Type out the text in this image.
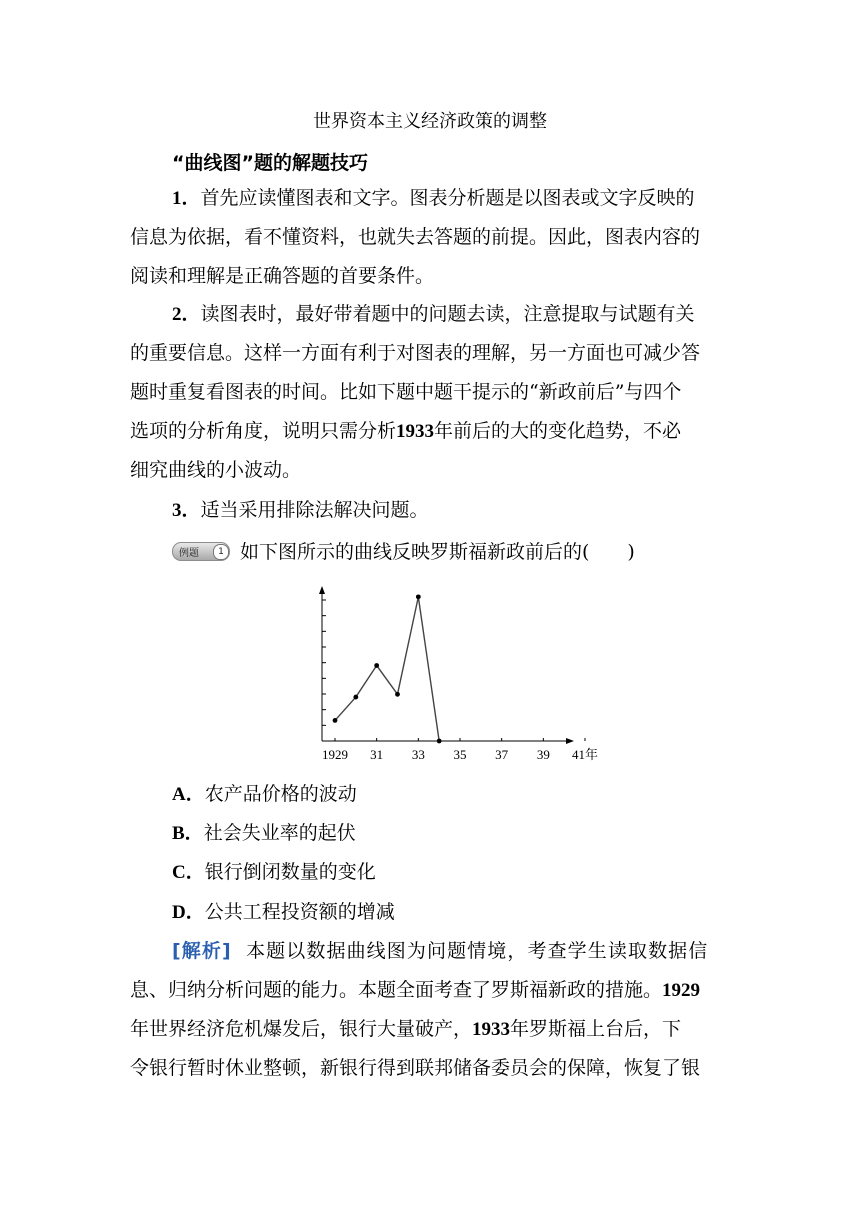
世界资本主义经济政策的调整
“曲线图”题的解题技巧
1．首先应读懂图表和文字。图表分析题是以图表或文字反映的
信息为依据，看不懂资料，也就失去答题的前提。因此，图表内容的
阅读和理解是正确答题的首要条件。
2．读图表时，最好带着题中的问题去读，注意提取与试题有关
的重要信息。这样一方面有利于对图表的理解，另一方面也可减少答
题时重复看图表的时间。比如下题中题干提示的“新政前后”与四个
选项的分析角度，说明只需分析1933年前后的大的变化趋势，不必
细究曲线的小波动。
3．适当采用排除法解决问题。
例题	1 如下图所示的曲线反映罗斯福新政前后的(　　)
1929 31 33 35 37 39 41年
A．农产品价格的波动
B．社会失业率的起伏
C．银行倒闭数量的变化
D．公共工程投资额的增减
[解析] 本题以数据曲线图为问题情境，考查学生读取数据信
息、归纳分析问题的能力。本题全面考查了罗斯福新政的措施。1929
年世界经济危机爆发后，银行大量破产，1933年罗斯福上台后，下
令银行暂时休业整顿，新银行得到联邦储备委员会的保障，恢复了银
